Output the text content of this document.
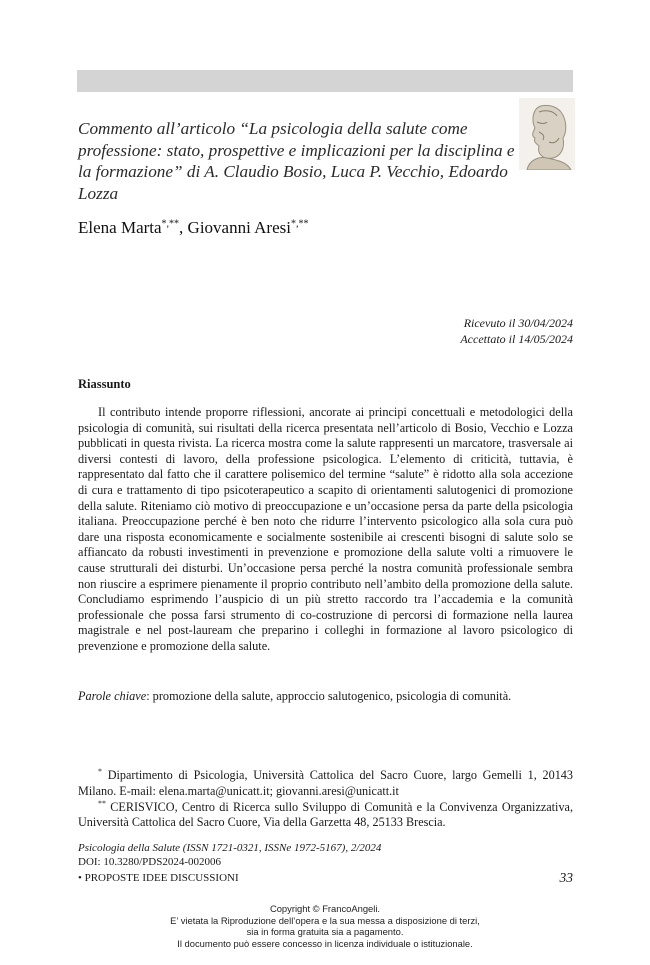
Commento all’articolo “La psicologia della salute come professione: stato, prospettive e implicazioni per la disciplina e la formazione” di A. Claudio Bosio, Luca P. Vecchio, Edoardo Lozza
Elena Marta*,**, Giovanni Aresi*,**
Ricevuto il 30/04/2024
Accettato il 14/05/2024
Riassunto

Il contributo intende proporre riflessioni, ancorate ai principi concettuali e metodologici della psicologia di comunità, sui risultati della ricerca presentata nell’articolo di Bosio, Vecchio e Lozza pubblicati in questa rivista. La ricerca mostra come la salute rappresenti un marcatore, trasversale ai diversi contesti di lavoro, della professione psicologica. L’elemento di criticità, tuttavia, è rappresentato dal fatto che il carattere polisemico del termine “salute” è ridotto alla sola accezione di cura e trattamento di tipo psicoterapeutico a scapito di orientamenti salutogenici di promozione della salute. Riteniamo ciò motivo di preoccupazione e un’occasione persa da parte della psicologia italiana. Preoccupazione perché è ben noto che ridurre l’intervento psicologico alla sola cura può dare una risposta economicamente e socialmente sostenibile ai crescenti bisogni di salute solo se affiancato da robusti investimenti in prevenzione e promozione della salute volti a rimuovere le cause strutturali dei disturbi. Un’occasione persa perché la nostra comunità professionale sembra non riuscire a esprimere pienamente il proprio contributo nell’ambito della promozione della salute. Concludiamo esprimendo l’auspicio di un più stretto raccordo tra l’accademia e la comunità professionale che possa farsi strumento di co-costruzione di percorsi di formazione nella laurea magistrale e nel post-lauream che preparino i colleghi in formazione al lavoro psicologico di prevenzione e promozione della salute.

Parole chiave: promozione della salute, approccio salutogenico, psicologia di comunità.

* Dipartimento di Psicologia, Università Cattolica del Sacro Cuore, largo Gemelli 1, 20143 Milano. E-mail: elena.marta@unicatt.it; giovanni.aresi@unicatt.it

** CERISVICO, Centro di Ricerca sullo Sviluppo di Comunità e la Convivenza Organizzativa, Università Cattolica del Sacro Cuore, Via della Garzetta 48, 25133 Brescia.

Psicologia della Salute (ISSN 1721-0321, ISSNe 1972-5167), 2/2024
DOI: 10.3280/PDS2024-002006
• PROPOSTE IDEE DISCUSSIONI	33
Copyright © FrancoAngeli.
E’ vietata la Riproduzione dell’opera e la sua messa a disposizione di terzi,
sia in forma gratuita sia a pagamento.
Il documento può essere concesso in licenza individuale o istituzionale.
